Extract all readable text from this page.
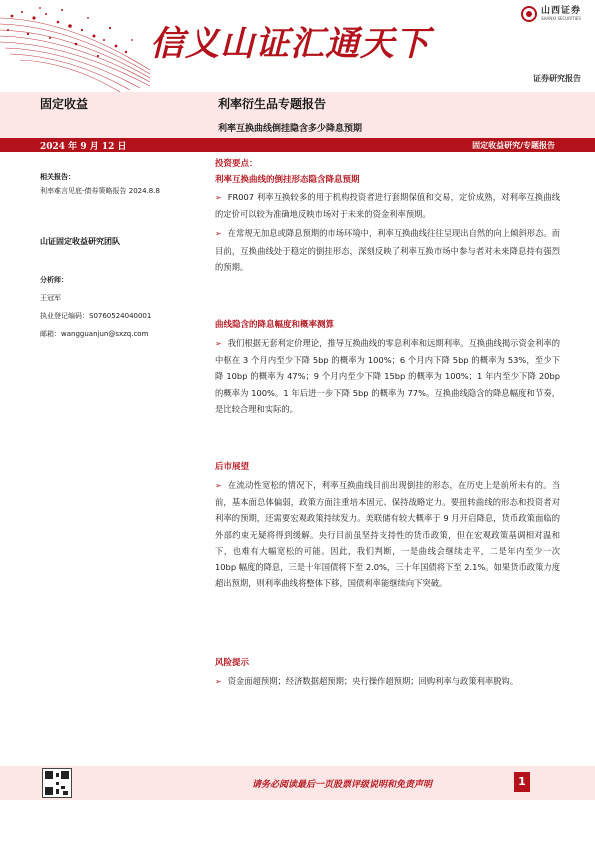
信义山证汇通天下
山西证券
SHANXI SECURITIES
证券研究报告
固定收益	利率衍生品专题报告
利率互换曲线倒挂隐含多少降息预期
2024 年 9 月 12 日	固定收益研究/专题报告
相关报告：
利率难言见底-债券策略报告 2024.8.8
山证固定收益研究团队
分析师：
王冠军
执业登记编码：S0760524040001
邮箱：wangguanjun@sxzq.com
投资要点：
利率互换曲线的倒挂形态隐含降息预期

➢ FR007 利率互换较多的用于机构投资者进行套期保值和交易，定价成熟，对利率互换曲线的定价可以较为准确地反映市场对于未来的资金利率预期。

➢ 在常规无加息或降息预期的市场环境中，利率互换曲线往往呈现出自然的向上倾斜形态。而目前，互换曲线处于稳定的倒挂形态，深刻反映了利率互换市场中参与者对未来降息持有强烈的预期。

曲线隐含的降息幅度和概率测算

➢ 我们根据无套利定价理论，推导互换曲线的零息利率和远期利率。互换曲线揭示资金利率的中枢在 3 个月内至少下降 5bp 的概率为 100%；6 个月内下降 5bp 的概率为 53%，至少下降 10bp 的概率为 47%；9 个月内至少下降 15bp 的概率为 100%；1 年内至少下降 20bp 的概率为 100%。1 年后进一步下降 5bp 的概率为 77%。互换曲线隐含的降息幅度和节奏，是比较合理和实际的。

后市展望

➢ 在流动性宽松的情况下，利率互换曲线目前出现倒挂的形态，在历史上是前所未有的。当前，基本面总体偏弱，政策方面注重培本固元、保持战略定力。要扭转曲线的形态和投资者对利率的预期，还需要宏观政策持续发力。美联储有较大概率于 9 月开启降息，货币政策面临的外部约束无疑将得到缓解。央行目前虽坚持支持性的货币政策，但在宏观政策基调相对温和下，也难有大幅宽松的可能。因此，我们判断，一是曲线会继续走平，二是年内至少一次 10bp 幅度的降息，三是十年国债将下至 2.0%，三十年国债将下至 2.1%。如果货币政策力度超出预期，则利率曲线将整体下移，国债利率能继续向下突破。

风险提示

➢ 资金面超预期；经济数据超预期；央行操作超预期；回购利率与政策利率脱钩。

请务必阅读最后一页股票评级说明和免责声明	1
